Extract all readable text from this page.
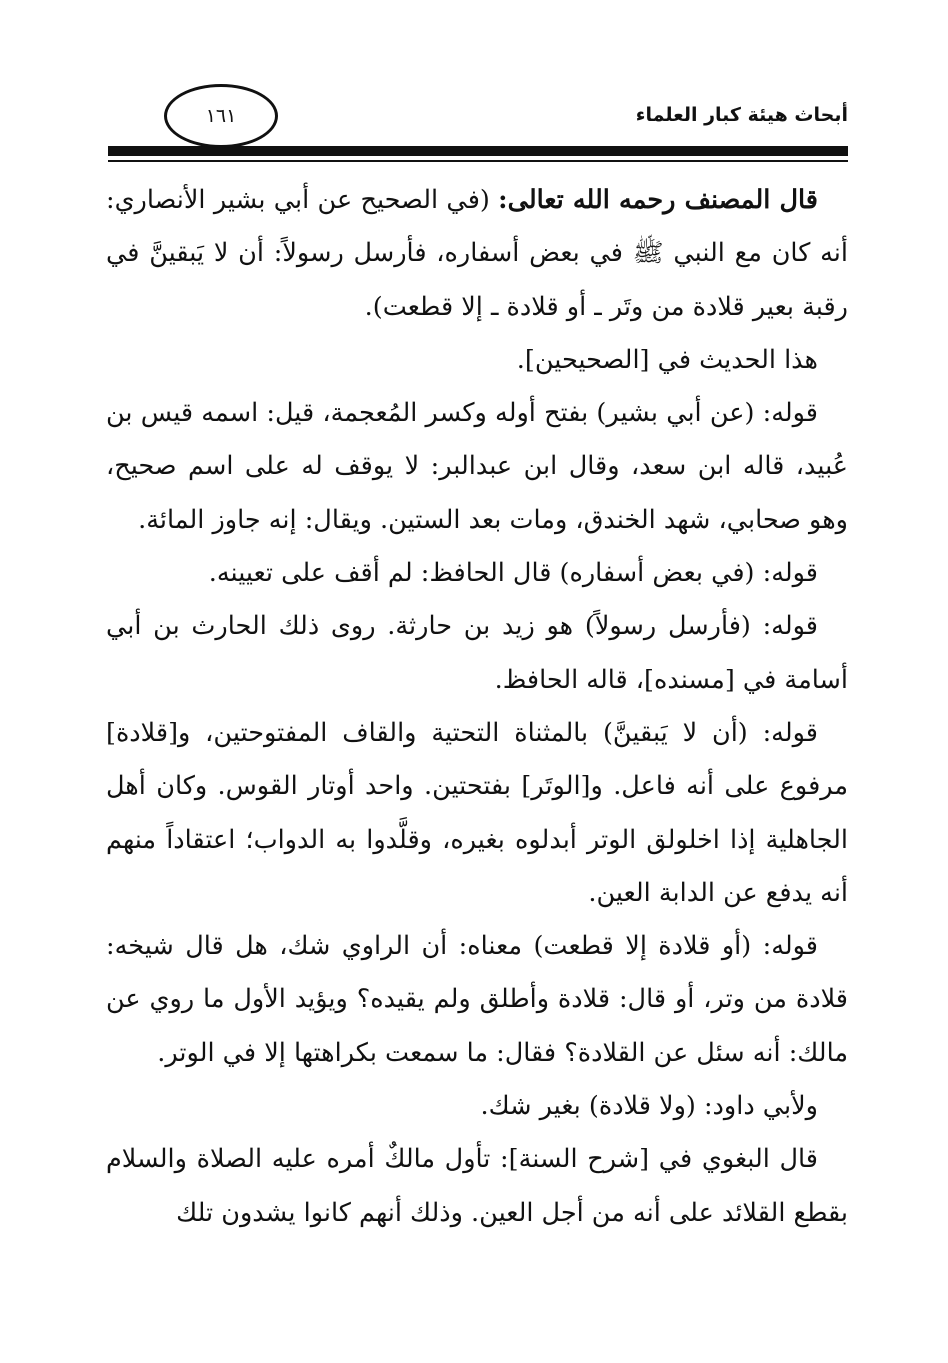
أبحاث هيئة كبار العلماء
١٦١

قال المصنف رحمه الله تعالى: (في الصحيح عن أبي بشير الأنصاري: أنه كان مع النبي ﷺ في بعض أسفاره، فأرسل رسولاً: أن لا يَبقينَّ في رقبة بعير قلادة من وتَر ـ أو قلادة ـ إلا قطعت).

هذا الحديث في [الصحيحين].

قوله: (عن أبي بشير) بفتح أوله وكسر المُعجمة، قيل: اسمه قيس بن عُبيد، قاله ابن سعد، وقال ابن عبدالبر: لا يوقف له على اسم صحيح، وهو صحابي، شهد الخندق، ومات بعد الستين. ويقال: إنه جاوز المائة.

قوله: (في بعض أسفاره) قال الحافظ: لم أقف على تعيينه.

قوله: (فأرسل رسولاً) هو زيد بن حارثة. روى ذلك الحارث بن أبي أسامة في [مسنده]، قاله الحافظ.

قوله: (أن لا يَبقينَّ) بالمثناة التحتية والقاف المفتوحتين، و[قلادة] مرفوع على أنه فاعل. و[الوتَر] بفتحتين. واحد أوتار القوس. وكان أهل الجاهلية إذا اخلولق الوتر أبدلوه بغيره، وقلَّدوا به الدواب؛ اعتقاداً منهم أنه يدفع عن الدابة العين.

قوله: (أو قلادة إلا قطعت) معناه: أن الراوي شك، هل قال شيخه: قلادة من وتر، أو قال: قلادة وأطلق ولم يقيده؟ ويؤيد الأول ما روي عن مالك: أنه سئل عن القلادة؟ فقال: ما سمعت بكراهتها إلا في الوتر.

ولأبي داود: (ولا قلادة) بغير شك.

قال البغوي في [شرح السنة]: تأول مالكٌ أمره عليه الصلاة والسلام بقطع القلائد على أنه من أجل العين. وذلك أنهم كانوا يشدون تلك
